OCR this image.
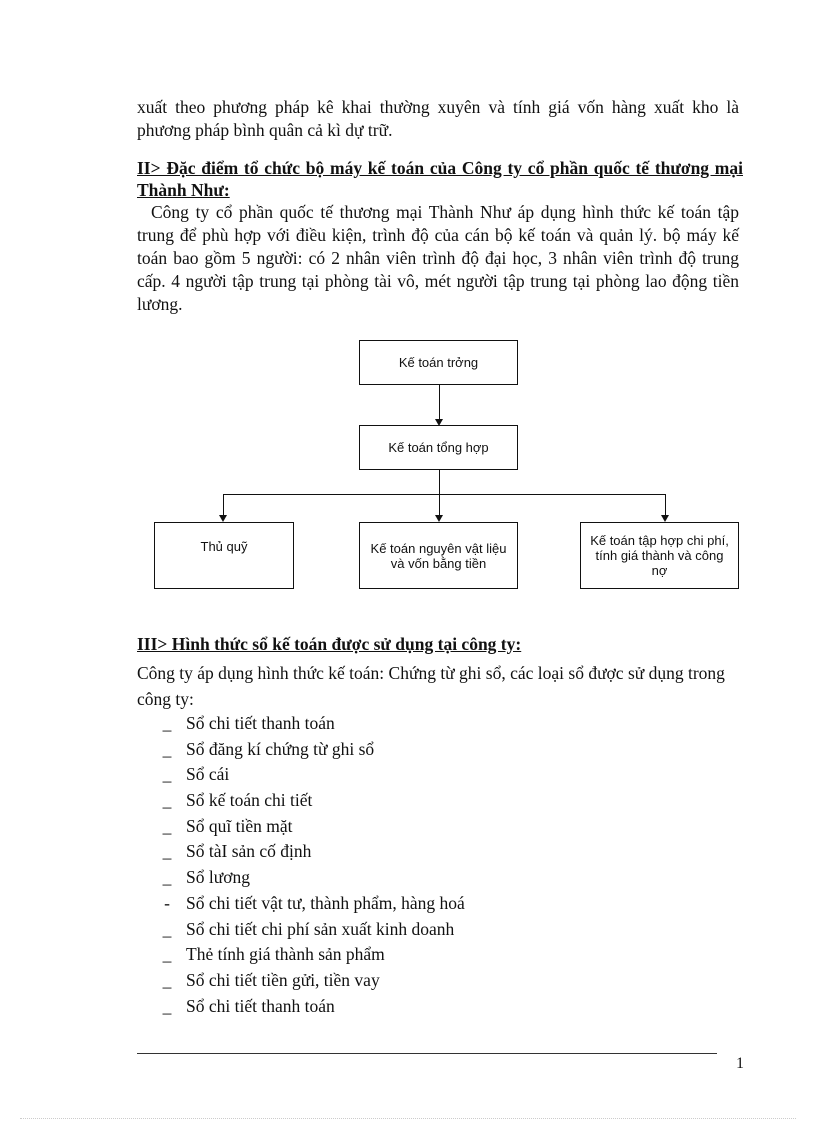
xuất theo phương pháp kê khai thường xuyên và tính giá vốn hàng xuất kho là phương pháp bình quân cả kì dự trữ.
II> Đặc điểm tổ chức bộ máy kế toán của Công ty cổ phần quốc tế thương mại Thành Như:
Công ty cổ phần quốc tế thương mại Thành Như áp dụng hình thức kế toán tập trung để phù hợp với điều kiện, trình độ của cán bộ kế toán và quản lý. bộ máy kế toán bao gồm 5 người: có 2 nhân viên trình độ đại học, 3 nhân viên trình độ trung cấp. 4 người tập trung tại phòng tài vô, mét người tập trung tại phòng lao động tiền lương.
Kế toán trởng
Kế toán tổng hợp
Thủ quỹ	Kế toán nguyên vật liệu và vốn bằng tiền
Kế toán tập hợp chi phí, tính giá thành và công nợ
III> Hình thức sổ kế toán được sử dụng tại công ty:
Công ty áp dụng hình thức kế toán: Chứng từ ghi sổ, các loại sổ được sử dụng trong công ty:
_ Sổ chi tiết thanh toán
_ Sổ đăng kí chứng từ ghi sổ
_ Sổ cái
_ Sổ kế toán chi tiết
_ Sổ quĩ tiền mặt
_ Sổ tàI sản cố định
_ Sổ lương
- Sổ chi tiết vật tư, thành phẩm, hàng hoá
_ Sổ chi tiết chi phí sản xuất kinh doanh
_ Thẻ tính giá thành sản phẩm
_ Sổ chi tiết tiền gửi, tiền vay
_ Sổ chi tiết thanh toán
1
